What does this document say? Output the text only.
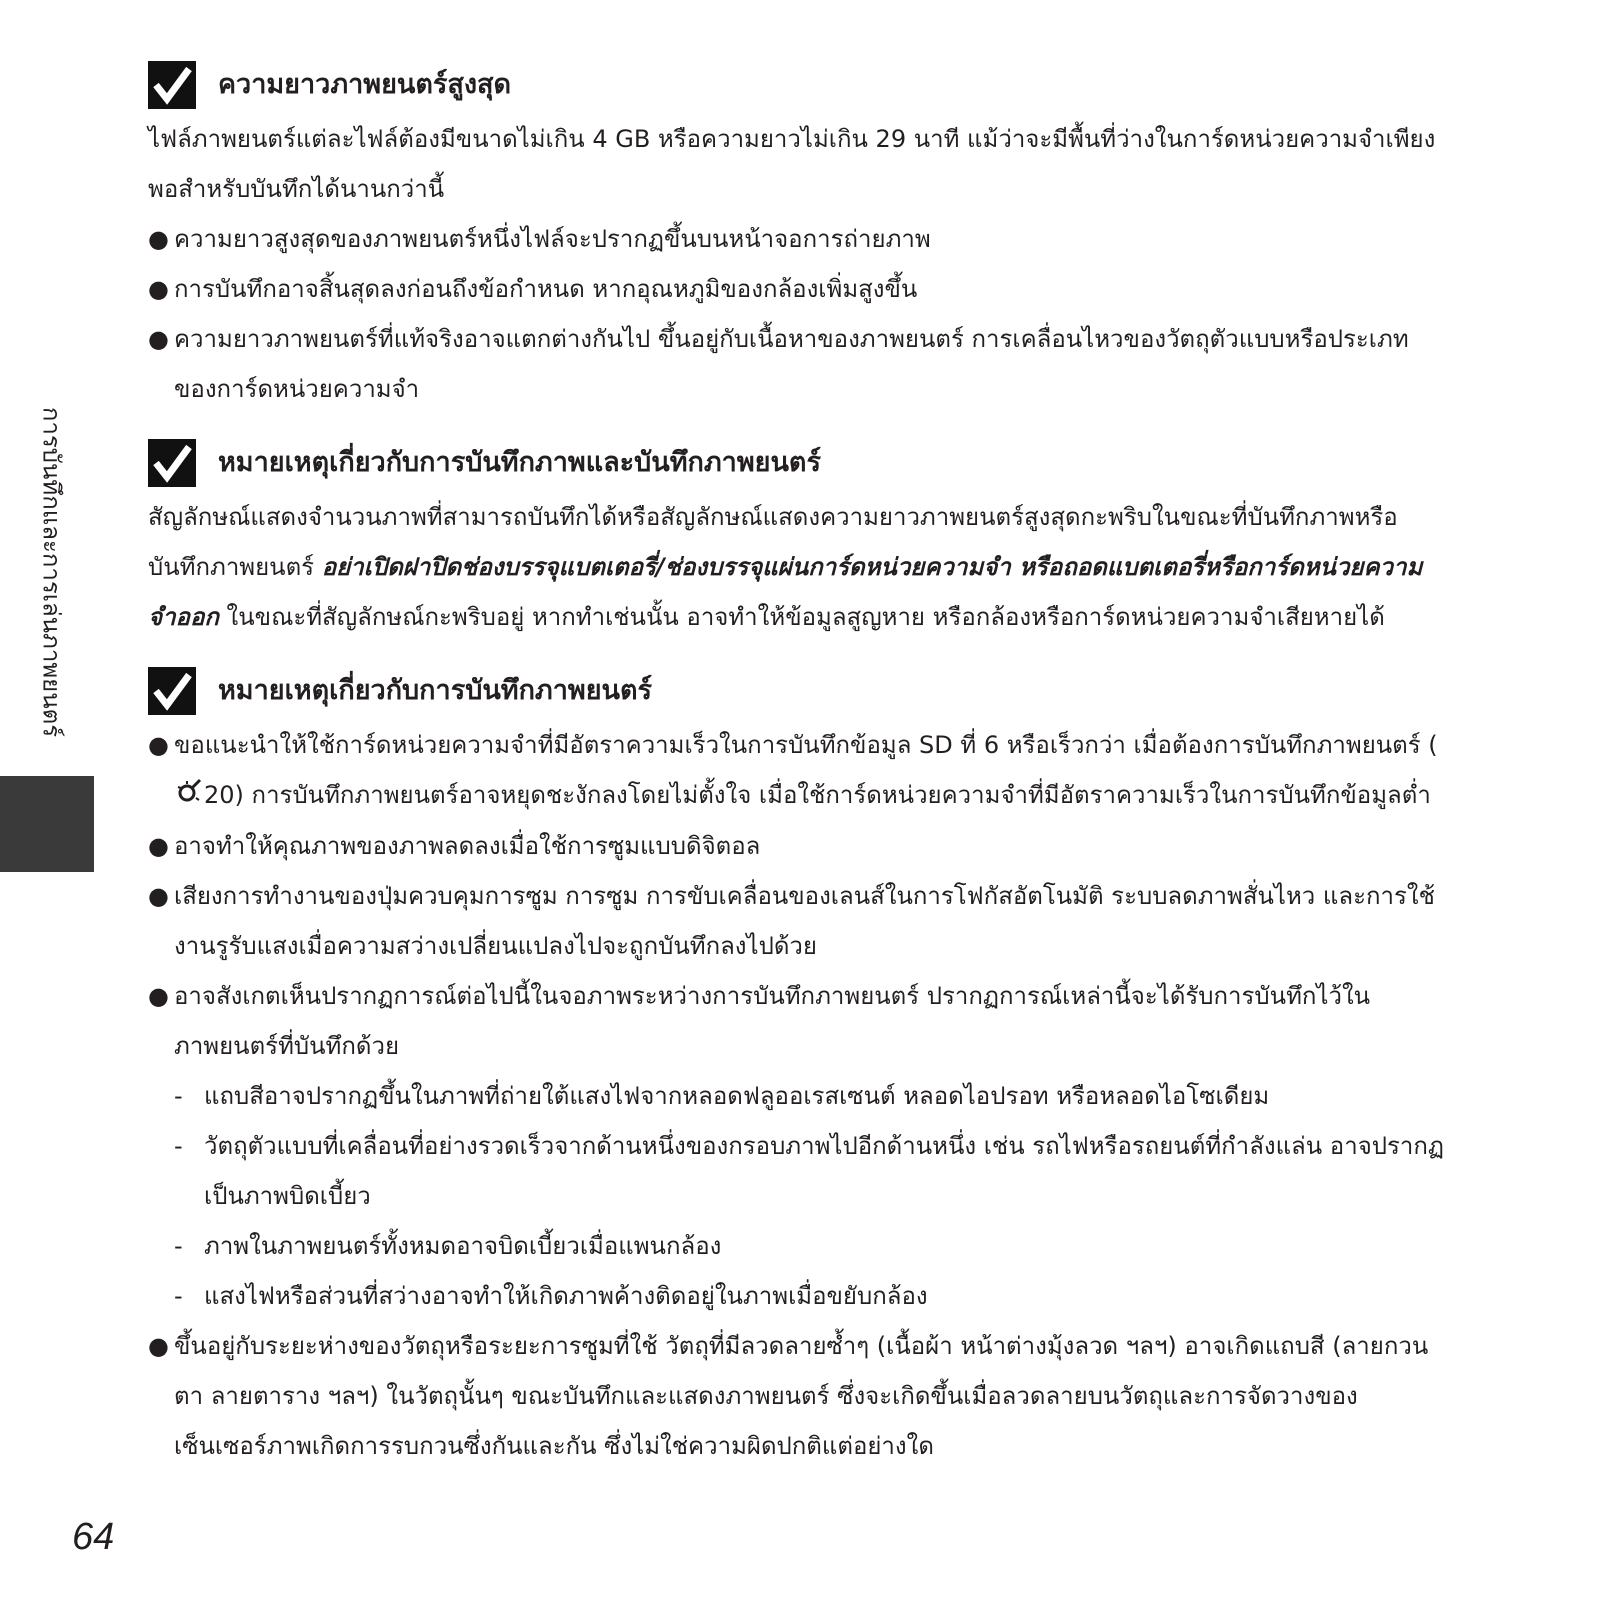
การบันทึกและการเล่นภาพยนตร์
ความยาวภาพยนตร์สูงสุด

ไฟล์ภาพยนตร์แต่ละไฟล์ต้องมีขนาดไม่เกิน 4 GB หรือความยาวไม่เกิน 29 นาที แม้ว่าจะมีพื้นที่ว่างในการ์ดหน่วยความจำเพียงพอสำหรับบันทึกได้นานกว่านี้

● ความยาวสูงสุดของภาพยนตร์หนึ่งไฟล์จะปรากฏขึ้นบนหน้าจอการถ่ายภาพ
● การบันทึกอาจสิ้นสุดลงก่อนถึงข้อกำหนด หากอุณหภูมิของกล้องเพิ่มสูงขึ้น
● ความยาวภาพยนตร์ที่แท้จริงอาจแตกต่างกันไป ขึ้นอยู่กับเนื้อหาของภาพยนตร์ การเคลื่อนไหวของวัตถุตัวแบบหรือประเภทของการ์ดหน่วยความจำ
หมายเหตุเกี่ยวกับการบันทึกภาพและบันทึกภาพยนตร์

สัญลักษณ์แสดงจำนวนภาพที่สามารถบันทึกได้หรือสัญลักษณ์แสดงความยาวภาพยนตร์สูงสุดกะพริบในขณะที่บันทึกภาพหรือบันทึกภาพยนตร์ อย่าเปิดฝาปิดช่องบรรจุแบตเตอรี่/ช่องบรรจุแผ่นการ์ดหน่วยความจำ หรือถอดแบตเตอรี่หรือการ์ดหน่วยความจำออก ในขณะที่สัญลักษณ์กะพริบอยู่ หากทำเช่นนั้น อาจทำให้ข้อมูลสูญหาย หรือกล้องหรือการ์ดหน่วยความจำเสียหายได้

หมายเหตุเกี่ยวกับการบันทึกภาพยนตร์
● ขอแนะนำให้ใช้การ์ดหน่วยความจำที่มีอัตราความเร็วในการบันทึกข้อมูล SD ที่ 6 หรือเร็วกว่า เมื่อต้องการบันทึกภาพยนตร์ (20) การบันทึกภาพยนตร์อาจหยุดชะงักลงโดยไม่ตั้งใจ เมื่อใช้การ์ดหน่วยความจำที่มีอัตราความเร็วในการบันทึกข้อมูลต่ำ
● อาจทำให้คุณภาพของภาพลดลงเมื่อใช้การซูมแบบดิจิตอล
● เสียงการทำงานของปุ่มควบคุมการซูม การซูม การขับเคลื่อนของเลนส์ในการโฟกัสอัตโนมัติ ระบบลดภาพสั่นไหว และการใช้งานรูรับแสงเมื่อความสว่างเปลี่ยนแปลงไปจะถูกบันทึกลงไปด้วย
● อาจสังเกตเห็นปรากฏการณ์ต่อไปนี้ในจอภาพระหว่างการบันทึกภาพยนตร์ ปรากฏการณ์เหล่านี้จะได้รับการบันทึกไว้ในภาพยนตร์ที่บันทึกด้วย
- แถบสีอาจปรากฏขึ้นในภาพที่ถ่ายใต้แสงไฟจากหลอดฟลูออเรสเซนต์ หลอดไอปรอท หรือหลอดไอโซเดียม
- วัตถุตัวแบบที่เคลื่อนที่อย่างรวดเร็วจากด้านหนึ่งของกรอบภาพไปอีกด้านหนึ่ง เช่น รถไฟหรือรถยนต์ที่กำลังแล่น อาจปรากฏเป็นภาพบิดเบี้ยว
- ภาพในภาพยนตร์ทั้งหมดอาจบิดเบี้ยวเมื่อแพนกล้อง
- แสงไฟหรือส่วนที่สว่างอาจทำให้เกิดภาพค้างติดอยู่ในภาพเมื่อขยับกล้อง
● ขึ้นอยู่กับระยะห่างของวัตถุหรือระยะการซูมที่ใช้ วัตถุที่มีลวดลายซ้ำๆ (เนื้อผ้า หน้าต่างมุ้งลวด ฯลฯ) อาจเกิดแถบสี (ลายกวนตา ลายตาราง ฯลฯ) ในวัตถุนั้นๆ ขณะบันทึกและแสดงภาพยนตร์ ซึ่งจะเกิดขึ้นเมื่อลวดลายบนวัตถุและการจัดวางของเซ็นเซอร์ภาพเกิดการรบกวนซึ่งกันและกัน ซึ่งไม่ใช่ความผิดปกติแต่อย่างใด
64
